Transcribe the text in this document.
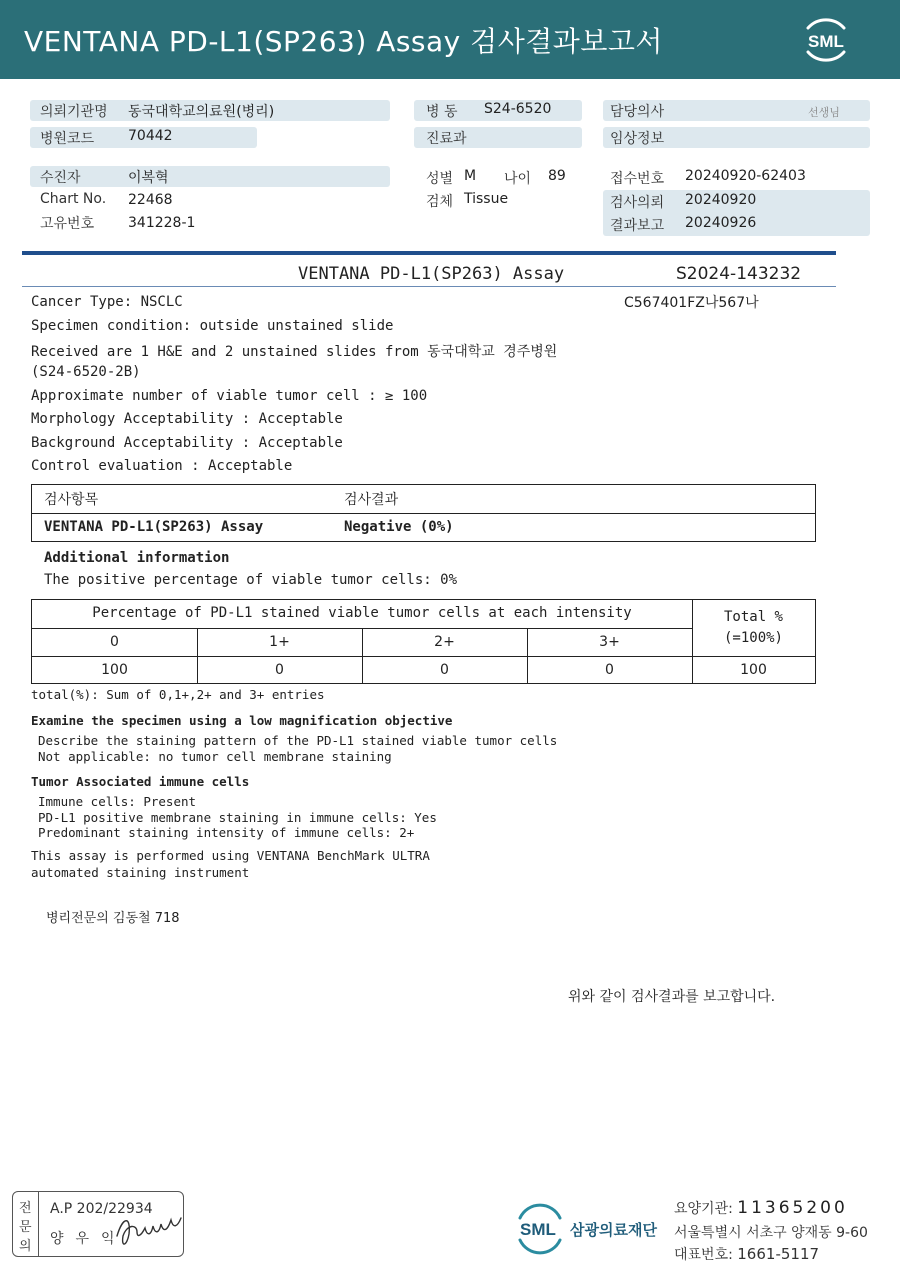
VENTANA PD-L1(SP263) Assay 검사결과보고서	SML
의뢰기관명 동국대학교의료원(병리)
병원코드 70442
병 동 S24-6520
진료과
담당의사	선생님
임상정보
수진자	이복혁
Chart No. 22468
고유번호 341228-1
성별 M 나이 89
검체 Tissue
접수번호 20240920-62403
검사의뢰 20240920
결과보고 20240926
VENTANA PD-L1(SP263) Assay	S2024-143232
C567401FZ나567나
Cancer Type: NSCLC
Specimen condition: outside unstained slide
Received are 1 H&E and 2 unstained slides from 동국대학교 경주병원
(S24-6520-2B)
Approximate number of viable tumor cell : ≥ 100
Morphology Acceptability : Acceptable
Background Acceptability : Acceptable
Control evaluation : Acceptable
검사항목	검사결과
VENTANA PD-L1(SP263) Assay	Negative (0%)
Additional information
The positive percentage of viable tumor cells: 0%
Percentage of PD-L1 stained viable tumor cells at each intensity	Total %
(=100%)
0	1+	2+	3+
100	0	0	0	100
total(%): Sum of 0,1+,2+ and 3+ entries
Examine the specimen using a low magnification objective
Describe the staining pattern of the PD-L1 stained viable tumor cells
Not applicable: no tumor cell membrane staining
Tumor Associated immune cells
Immune cells: Present
PD-L1 positive membrane staining in immune cells: Yes
Predominant staining intensity of immune cells: 2+
This assay is performed using VENTANA BenchMark ULTRA
automated staining instrument
병리전문의 김동철 718
위와 같이 검사결과를 보고합니다.
전
문
의
A.P 202/22934
양우익	SML 삼광의료재단
요양기관: 11365200
서울특별시 서초구 양재동 9-60
대표번호: 1661-5117
